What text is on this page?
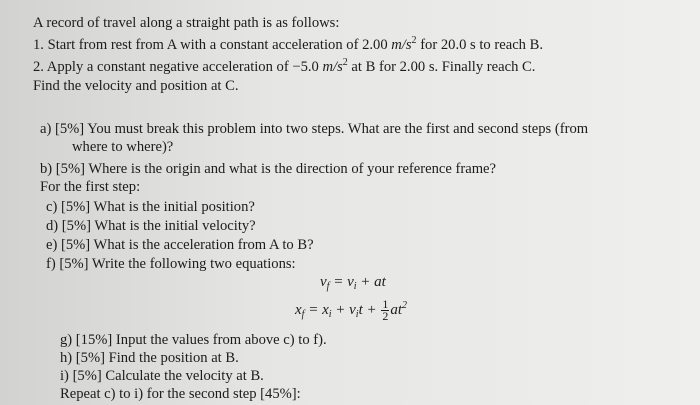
A record of travel along a straight path is as follows:
1. Start from rest from A with a constant acceleration of 2.00 $m/s^2$ for 20.0 s to reach B.
2. Apply a constant negative acceleration of −5.0 $m/s^2$ at B for 2.00 s. Finally reach C.
Find the velocity and position at C.
a) [5%] You must break this problem into two steps. What are the first and second steps (from
where to where)?
b) [5%] Where is the origin and what is the direction of your reference frame?
For the first step:
c) [5%] What is the initial position?
d) [5%] What is the initial velocity?
e) [5%] What is the acceleration from A to B?
f) [5%] Write the following two equations:
$v_f = v_i$ + at
$x_f = x_i + v_it + \frac{1}{2} at^2$
g) [15%] Input the values from above c) to f).
h) [5%] Find the position at B.
i) [5%] Calculate the velocity at B.
Repeat c) to i) for the second step [45%]:
